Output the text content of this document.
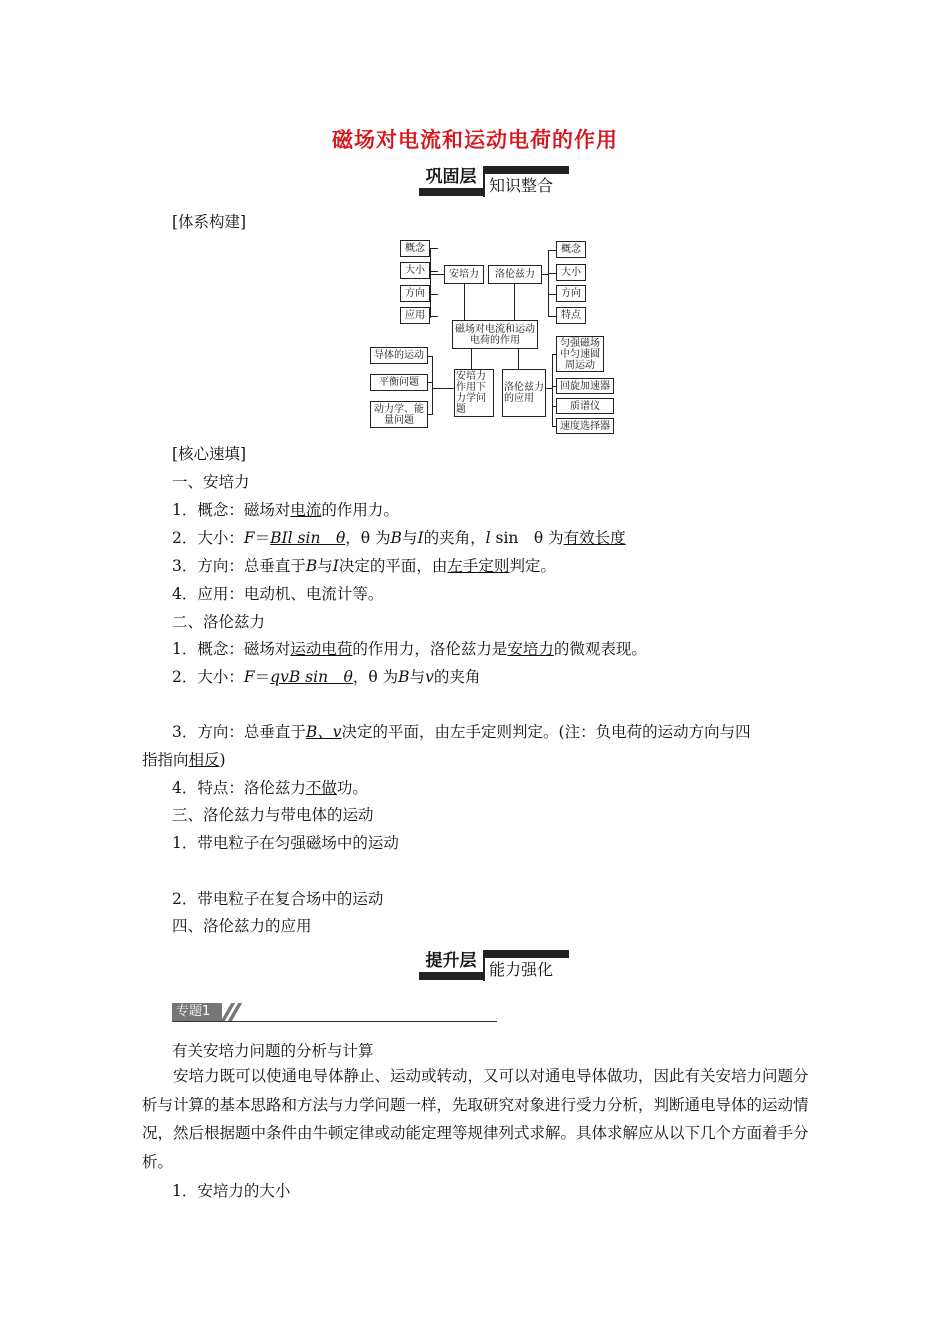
磁场对电流和运动电荷的作用
巩固层 知识整合
[体系构建]
概念
大小
方向
应用
安培力	洛伦兹力
概念
大小
方向
特点
磁场对电流和运动电荷的作用
导体的运动
平衡问题
动力学、能量问题
安培力作用下力学问题
洛伦兹力的应用
匀强磁场中匀速圆周运动
回旋加速器
质谱仪
速度选择器
[核心速填]
一、安培力
1．概念：磁场对电流的作用力。
2．大小：F＝BIl sin　θ，θ 为B与I的夹角，l sin　θ 为有效长度
3．方向：总垂直于B与I决定的平面，由左手定则判定。
4．应用：电动机、电流计等。
二、洛伦兹力
1．概念：磁场对运动电荷的作用力，洛伦兹力是安培力的微观表现。
2．大小：F＝qvB sin　θ，θ 为B与v的夹角
3．方向：总垂直于B、v决定的平面，由左手定则判定。(注：负电荷的运动方向与四
指指向相反)
4．特点：洛伦兹力不做功。
三、洛伦兹力与带电体的运动
1．带电粒子在匀强磁场中的运动
2．带电粒子在复合场中的运动
四、洛伦兹力的应用
提升层 能力强化
专题1
有关安培力问题的分析与计算
安培力既可以使通电导体静止、运动或转动，又可以对通电导体做功，因此有关安培力问题分析与计算的基本思路和方法与力学问题一样，先取研究对象进行受力分析，判断通电导体的运动情况，然后根据题中条件由牛顿定律或动能定理等规律列式求解。具体求解应从以下几个方面着手分析。
1．安培力的大小
